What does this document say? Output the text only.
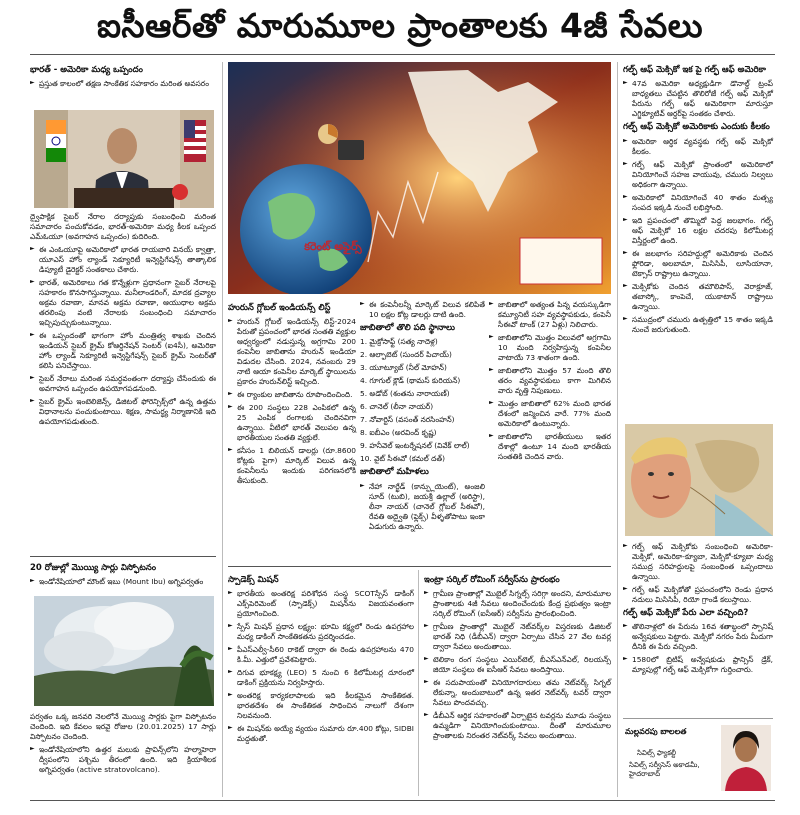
ఐసీఆర్‌తో మారుమూల ప్రాంతాలకు 4జీ సేవలు
భారత్ - అమెరికా మధ్య ఒప్పందం
► ప్రస్తుత కాలంలో తక్షణ సాంకేతిక సహకారం మరింత అవసరం

ద్వైపాక్షిక సైబర్ నేరాల దర్యాప్తుకు సంబంధించి మరింత సమాచారం పంచుకోవడం, భారత్-అమెరికా మధ్య కీలక ఒప్పంద ఎమ్ఓయూ (అవగాహన ఒప్పందం) కుదిరింది.

► ఈ ఎంఓయూపై అమెరికాలో భారత రాయబారి వినయ్ క్వాత్రా, యూఎస్ హోం ల్యాండ్ సెక్యూరిటీ ఇన్వెస్టిగేషన్స్ తాత్కాలిక డిప్యూటీ డైరెక్టర్ సంతకాలు చేశారు.
► భారత్, అమెరికాలు గత కొన్నేళ్లుగా ప్రధానంగా సైబర్ నేరాలపై సహకారం కొనసాగిస్తున్నాయి. మనీలాండరింగ్, మాదక ద్రవ్యాల అక్రమ రవాణా, మానవ అక్రమ రవాణా, ఆయుధాల అక్రమ తరలింపు వంటి నేరాలకు సంబంధించి సమాచారం ఇచ్చిపుచ్చుకుంటున్నాయి.
► ఈ ఒప్పందంతో భాగంగా హోం మంత్రిత్వ శాఖకు చెందిన ఇండియన్ సైబర్ క్రైమ్ కోఆర్డినేషన్ సెంటర్ (ఐ4సీ), అమెరికా హోం ల్యాండ్ సెక్యూరిటీ ఇన్వెస్టిగేషన్స్ సైబర్ క్రైమ్ సెంటర్‌తో కలిసి పనిచేస్తాయి.
► సైబర్ నేరాలు మరింత సమర్థవంతంగా దర్యాప్తు చేసేందుకు ఈ అవగాహన ఒప్పందం ఉపయోగపడనుంది.
► సైబర్ క్రైమ్ ఇంటెలిజెన్స్, డిజిటల్ ఫోరెన్సిక్స్‌లో ఉన్న ఉత్తమ విధానాలను పంచుకుంటాయి. శిక్షణ, సామర్థ్య నిర్మాణానికి ఇది ఉపయోగపడుతుంది.
20 రోజుల్లో మెుయ్యి సార్లు విస్ఫోటనం
► ఇండోనేషియాలో మౌంట్ ఇబు (Mount Ibu) అగ్నిపర్వతం

పర్వతం ఒక్క జనవరి నెలలోనే మెుయ్యి సార్లకు పైగా విస్ఫోటనం చెందింది. ఇది కేవలం ఇరవై రోజుల (20.01.2025) 17 సార్లు విస్ఫోటనం చెందింది.

► ఇండోనేషియాలోని ఉత్తర మలుకు ప్రావిన్స్‌లోని హల్మాహెరా ద్వీపంలోని పశ్చిమ తీరంలో ఉంది. ఇది క్రియాశీలక అగ్నిపర్వతం (active stratovolcano).
కరెంట్ అఫైర్స్
హురున్ గ్లోబల్ ఇండియన్స్ లిస్ట్
► హురున్ గ్లోబల్ ఇండియన్స్ లిస్ట్-2024 పేరుతో ప్రపంచంలో భారత సంతతి వ్యక్తుల ఆధ్వర్యంలో నడుస్తున్న అగ్రగామి 200 కంపెనీల జాబితాను హురున్ ఇండియా విడుదల చేసింది. 2024, నవంబరు 29 నాటి ఆయా కంపెనీల మార్కెట్ స్థాయిలను ప్రకారం హురున్‌లిస్ట్ ఇచ్చింది.
► ఈ ర్యాంకుల జాబితాను రూపొందించింది.
► ఈ 200 సంస్థలు 228 ఎంపికలో ఉన్న 25 ఎంపిక రంగాలకు చెందినవిగా ఉన్నాయి. వీటిలో భారత్ వెలుపల ఉన్న భారతీయుల సంతతి వ్యక్తులే.
► కనీసం 1 బిలియన్ డాలర్లు (రూ.8600 కోట్లకు పైగా) మార్కెట్ విలువ ఉన్న కంపెనీలను ఇందుకు పరిగణనలోకి తీసుకుంది.
► ఈ కంపెనీలన్నీ మార్కెట్ విలువ కలిపితే 10 లక్షల కోట్ల డాలర్లు దాటి ఉంది.
జాబితాలో తొలి పది స్థానాలు
1. మైక్రోసాఫ్ట్ (సత్య నాదెళ్ల)
2. ఆల్ఫాబెట్ (సుందర్ పిచాయ్)
3. యూట్యూబ్ (నీల్ మోహన్)
4. గూగుల్ క్లౌడ్ (థామస్ కురియన్)
5. అడోబ్ (శంతను నారాయణ్)
6. చానెల్ (లీనా నాయర్)
7. నోవార్టిస్ (వసంత్ నరసింహన్)
8. ఐబీఎం (అరవింద్ కృష్ణ)
9. హనీవెల్ ఇంటర్నేషనల్ (వివేక్ లాల్)
10. వైట్ సీఈవో (కమల్ దత్)
జాబితాలో మహిళలు
► నేహా నార్ఖేడ్ (కాన్ఫ్లుయెంట్), అంజలి సూద్ (టుబి), జయశ్రీ ఉల్లాల్ (అరిస్టా), లీనా నాయర్ (చానెల్ గ్లోబల్ సీఈవో), రేవతి అద్వైతి (ఫ్లెక్స్) వీళ్ళతోపాటు ఇంకా ఏడుగురు ఉన్నారు.
► జాబితాలో అత్యంత పిన్న వయస్కుడిగా కమ్యూనిటీ సహ వ్యవస్థాపకుడు, కంపెనీ సీఈవో టాంక్ (27 ఏళ్లు) నిలిచారు.
► జాబితాలోని మొత్తం విలువలో అగ్రగామి 10 మంది నిర్వహిస్తున్న కంపెనీల వాటాయే 73 శాతంగా ఉంది.
► జాబితాలోని మొత్తం 57 మంది తొలి తరం వ్యవస్థాపకులు కాగా మిగిలిన వారు వృత్తి నిపుణులు.
► మొత్తం జాబితాలో 62% మంది భారత దేశంలో జన్మించిన వారే. 77% మంది అమెరికాలో ఉంటున్నారు.
► జాబితాలోని భారతీయులు ఇతర దేశాల్లో ఉంటూ 14 మంది భారతీయ సంతతికి చెందిన వారు.
స్పాడెక్స్ మిషన్
► భారతీయ అంతరిక్ష పరిశోధన సంస్థ SCOTస్పేస్ డాకింగ్ ఎక్స్‌పెరిమెంట్ (స్పాడెక్స్) మిషన్‌ను విజయవంతంగా ప్రయోగించింది.
► స్పేస్ మిషన్ ప్రధాన లక్ష్యం: భూమి కక్ష్యలో రెండు ఉపగ్రహాల మధ్య డాకింగ్ సాంకేతికతను ప్రదర్శించడం.
► పీఎస్ఎల్వీ-సీ60 రాకెట్ ద్వారా ఈ రెండు ఉపగ్రహాలను 470 కి.మీ. ఎత్తులో ప్రవేశపెట్టారు.
► దిగువ భూకక్ష్య (LEO) 5 నుంచి 6 కిలోమీటర్ల దూరంలో డాకింగ్ ప్రక్రియను నిర్వహిస్తారు.
► అంతరిక్ష కార్యకలాపాలకు ఇది కీలకమైన సాంకేతికత. భారతదేశం ఈ సాంకేతికత సాధించిన నాలుగో దేశంగా నిలవనుంది.
► ఈ మిషన్‌కు అయ్యే వ్యయం సుమారు రూ.400 కోట్లు, SIDBI మద్దతుతో.
ఇంట్రా సర్కిల్ రోమింగ్ సర్వీస్‌ను ప్రారంభం
► గ్రామీణ ప్రాంతాల్లో మొబైల్ సిగ్నల్స్ సరిగ్గా అందని, మారుమూల ప్రాంతాలకు 4జీ సేవలు అందించేందుకు కేంద్ర ప్రభుత్వం ఇంట్రా సర్కిల్ రోమింగ్ (ఐసీఆర్) సర్వీస్‌ను ప్రారంభించింది.
► గ్రామీణ ప్రాంతాల్లో మొబైల్ నెట్‌వర్క్‌ల విస్తరణకు డిజిటల్ భారత్ నిధి (డీబీఎన్) ద్వారా ఏర్పాటు చేసిన 27 వేల టవర్ల ద్వారా సేవలు అందుతాయి.
► టెలికాం రంగ సంస్థలు ఎయిర్‌టెల్, బీఎస్ఎన్ఎల్, రిలయన్స్ జియో సంస్థలు ఈ ఐసీఆర్ సేవలు అందిస్తాయి.
► ఈ సదుపాయంతో వినియోగదారులు తమ నెట్‌వర్క్ సిగ్నల్ లేకున్నా, అందుబాటులో ఉన్న ఇతర నెట్‌వర్క్ టవర్ ద్వారా సేవలు పొందవచ్చు.
► డీబీఎన్ ఆర్థిక సహకారంతో ఏర్పాటైన టవర్లను మూడు సంస్థలు ఉమ్మడిగా వినియోగించుకుంటాయి. దీంతో మారుమూల ప్రాంతాలకు నిరంతర నెట్‌వర్క్ సేవలు అందుతాయి.
గల్ఫ్ ఆఫ్ మెక్సికో ఇక పై గల్ఫ్ ఆఫ్ అమెరికా
► 47వ అమెరికా అధ్యక్షుడిగా డొనాల్డ్ ట్రంప్ బాధ్యతలు చేపట్టిన తొలిరోజే గల్ఫ్ ఆఫ్ మెక్సికో పేరును గల్ఫ్ ఆఫ్ అమెరికాగా మారుస్తూ ఎగ్జిక్యూటివ్ ఆర్డర్‌పై సంతకం చేశారు.
గల్ఫ్ ఆఫ్ మెక్సికో అమెరికాకు ఎందుకు కీలకం
► అమెరికా ఆర్థిక వ్యవస్థకు గల్ఫ్ ఆఫ్ మెక్సికో కీలకం.
► గల్ఫ్ ఆఫ్ మెక్సికో ప్రాంతంలో అమెరికాలో వినియోగించే సహజ వాయువు, చమురు నిల్వలు అధికంగా ఉన్నాయి.
► అమెరికాలో వినియోగించే 40 శాతం మత్స్య సంపద ఇక్కడి నుంచే లభిస్తోంది.
► ఇది ప్రపంచంలో తొమ్మిదో పెద్ద జలభాగం. గల్ఫ్ ఆఫ్ మెక్సికో 16 లక్షల చదరపు కిలోమీటర్ల విస్తీర్ణంలో ఉంది.
► ఈ జలభాగం సరిహద్దుల్లో అమెరికాకు చెందిన ఫ్లోరిడా, అలబామా, మిసిసిపీ, లూసియానా, టెక్సాస్ రాష్ట్రాలు ఉన్నాయి.
► మెక్సికోకు చెందిన తమౌలిపాస్, వెరాక్రూజ్, తబాస్కో, కాంపెచే, యుకాటాన్ రాష్ట్రాలు ఉన్నాయి.
► సముద్రంలో చమురు ఉత్పత్తిలో 15 శాతం ఇక్కడి నుంచే జరుగుతుంది.
► గల్ఫ్ ఆఫ్ మెక్సికోకు సంబంధించి అమెరికా-మెక్సికో, అమెరికా-క్యూబా, మెక్సికో-క్యూబా మధ్య సముద్ర సరిహద్దులపై సంబంధింత ఒప్పందాలు ఉన్నాయి.
► గల్ఫ్ ఆఫ్ మెక్సికోతో ప్రపంచంలోని రెండు ప్రధాన నదులు మిసిసిపీ, రియో గ్రాండే కలుస్తాయి.
గల్ఫ్ ఆఫ్ మెక్సికో పేరు ఎలా వచ్చింది?
► తొలినాళ్లలో ఈ పేరును 16వ శతాబ్దంలో స్పానిష్ అన్వేషకులు పెట్టారు. మెక్సికో నగరం పేరు మీదుగా దీనికి ఈ పేరు వచ్చింది.
► 1580లో బ్రిటిష్ అన్వేషకుడు ఫ్రాన్సిస్ డ్రేక్, మ్యాపుల్లో గల్ఫ్ ఆఫ్ మెక్సికోగా గుర్తించారు.
మల్లవరపు బాలలత
సివిల్స్ ఫ్యాకల్టీ
సివిల్స్ సర్వీసెస్ అకాడమీ, హైదరాబాద్
